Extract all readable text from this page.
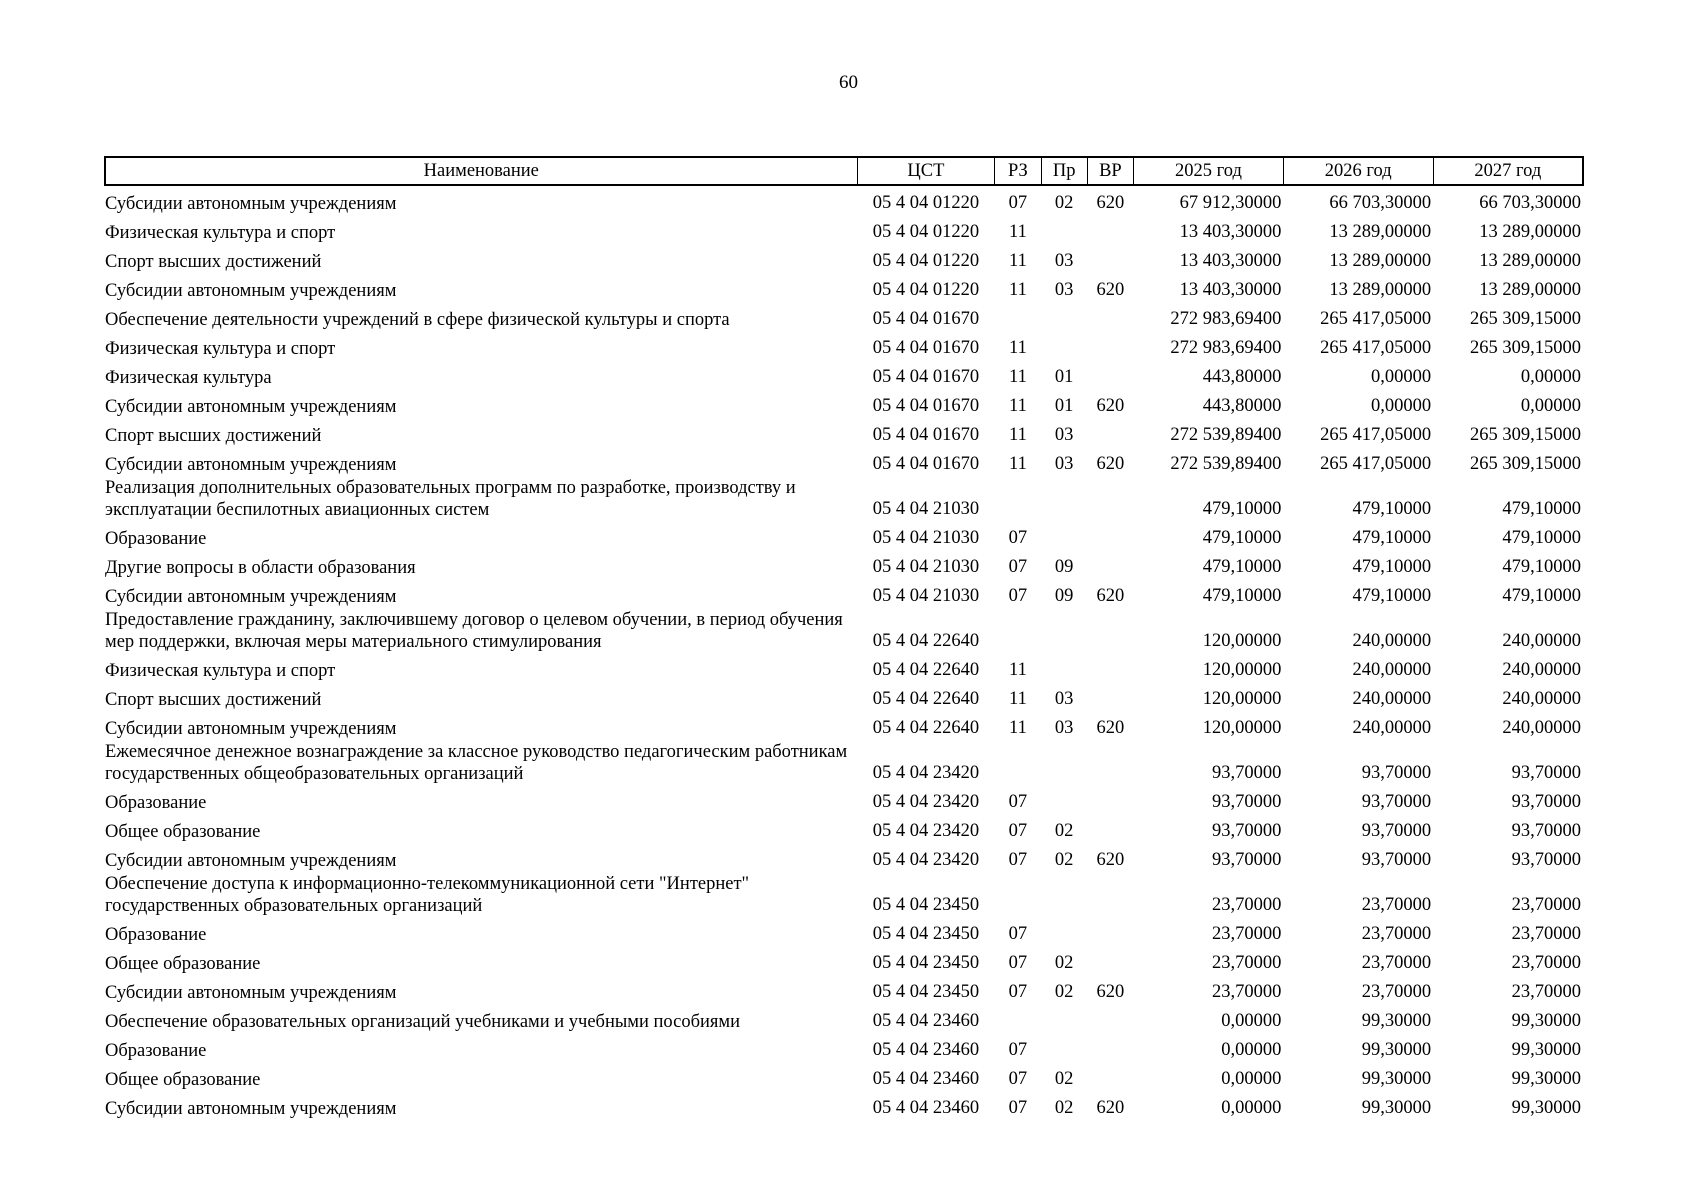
60
Наименование	ЦСТ	РЗ	Пр	ВР	2025 год	2026 год	2027 год
Субсидии автономным учреждениям	05 4 04 01220	07	02	620	67 912,30000	66 703,30000	66 703,30000
Физическая культура и спорт	05 4 04 01220	11			13 403,30000	13 289,00000	13 289,00000
Спорт высших достижений	05 4 04 01220	11	03		13 403,30000	13 289,00000	13 289,00000
Субсидии автономным учреждениям	05 4 04 01220	11	03	620	13 403,30000	13 289,00000	13 289,00000
Обеспечение деятельности учреждений в сфере физической культуры и спорта	05 4 04 01670				272 983,69400	265 417,05000	265 309,15000
Физическая культура и спорт	05 4 04 01670	11			272 983,69400	265 417,05000	265 309,15000
Физическая культура	05 4 04 01670	11	01		443,80000	0,00000	0,00000
Субсидии автономным учреждениям	05 4 04 01670	11	01	620	443,80000	0,00000	0,00000
Спорт высших достижений	05 4 04 01670	11	03		272 539,89400	265 417,05000	265 309,15000
Субсидии автономным учреждениям	05 4 04 01670	11	03	620	272 539,89400	265 417,05000	265 309,15000
Реализация дополнительных образовательных программ по разработке, производству и эксплуатации беспилотных авиационных систем	05 4 04 21030				479,10000	479,10000	479,10000
Образование	05 4 04 21030	07			479,10000	479,10000	479,10000
Другие вопросы в области образования	05 4 04 21030	07	09		479,10000	479,10000	479,10000
Субсидии автономным учреждениям	05 4 04 21030	07	09	620	479,10000	479,10000	479,10000
Предоставление гражданину, заключившему договор о целевом обучении, в период обучения мер поддержки, включая меры материального стимулирования	05 4 04 22640				120,00000	240,00000	240,00000
Физическая культура и спорт	05 4 04 22640	11			120,00000	240,00000	240,00000
Спорт высших достижений	05 4 04 22640	11	03		120,00000	240,00000	240,00000
Субсидии автономным учреждениям	05 4 04 22640	11	03	620	120,00000	240,00000	240,00000
Ежемесячное денежное вознаграждение за классное руководство педагогическим работникам государственных общеобразовательных организаций	05 4 04 23420				93,70000	93,70000	93,70000
Образование	05 4 04 23420	07			93,70000	93,70000	93,70000
Общее образование	05 4 04 23420	07	02		93,70000	93,70000	93,70000
Субсидии автономным учреждениям	05 4 04 23420	07	02	620	93,70000	93,70000	93,70000
Обеспечение доступа к информационно-телекоммуникационной сети "Интернет" государственных образовательных организаций	05 4 04 23450				23,70000	23,70000	23,70000
Образование	05 4 04 23450	07			23,70000	23,70000	23,70000
Общее образование	05 4 04 23450	07	02		23,70000	23,70000	23,70000
Субсидии автономным учреждениям	05 4 04 23450	07	02	620	23,70000	23,70000	23,70000
Обеспечение образовательных организаций учебниками и учебными пособиями	05 4 04 23460				0,00000	99,30000	99,30000
Образование	05 4 04 23460	07			0,00000	99,30000	99,30000
Общее образование	05 4 04 23460	07	02		0,00000	99,30000	99,30000
Субсидии автономным учреждениям	05 4 04 23460	07	02	620	0,00000	99,30000	99,30000
